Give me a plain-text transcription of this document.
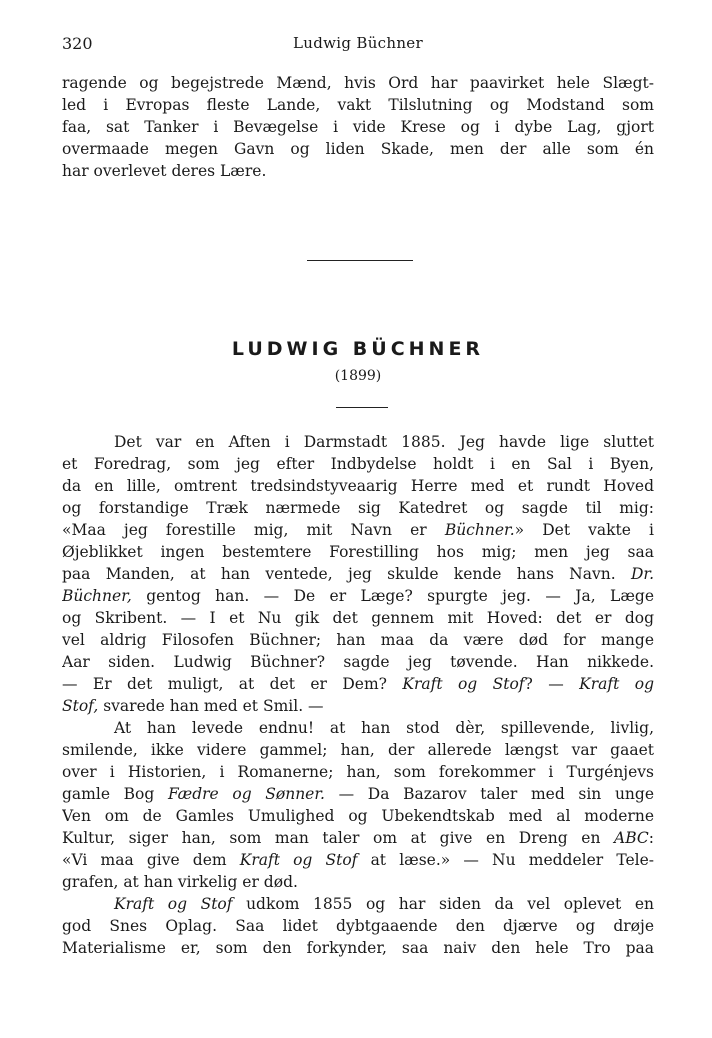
320	Ludwig Büchner
ragende og begejstrede Mænd, hvis Ord har paavirket hele Slægt-
led i Evropas fleste Lande, vakt Tilslutning og Modstand som
faa, sat Tanker i Bevægelse i vide Krese og i dybe Lag, gjort
overmaade megen Gavn og liden Skade, men der alle som én
har overlevet deres Lære.
LUDWIG BÜCHNER
(1899)
Det var en Aften i Darmstadt 1885. Jeg havde lige sluttet
et Foredrag, som jeg efter Indbydelse holdt i en Sal i Byen,
da en lille, omtrent tredsindstyveaarig Herre med et rundt Hoved
og forstandige Træk nærmede sig Katedret og sagde til mig:
«Maa jeg forestille mig, mit Navn er Büchner.» Det vakte i
Øjeblikket ingen bestemtere Forestilling hos mig; men jeg saa
paa Manden, at han ventede, jeg skulde kende hans Navn. Dr.
Büchner, gentog han. — De er Læge? spurgte jeg. — Ja, Læge
og Skribent. — I et Nu gik det gennem mit Hoved: det er dog
vel aldrig Filosofen Büchner; han maa da være død for mange
Aar siden. Ludwig Büchner? sagde jeg tøvende. Han nikkede.
— Er det muligt, at det er Dem? Kraft og Stof? — Kraft og
Stof, svarede han med et Smil. —
At han levede endnu! at han stod dèr, spillevende, livlig,
smilende, ikke videre gammel; han, der allerede længst var gaaet
over i Historien, i Romanerne; han, som forekommer i Turgénjevs
gamle Bog Fædre og Sønner. — Da Bazarov taler med sin unge
Ven om de Gamles Umulighed og Ubekendtskab med al moderne
Kultur, siger han, som man taler om at give en Dreng en ABC:
«Vi maa give dem Kraft og Stof at læse.» — Nu meddeler Tele-
grafen, at han virkelig er død.
Kraft og Stof udkom 1855 og har siden da vel oplevet en
god Snes Oplag. Saa lidet dybtgaaende den djærve og drøje
Materialisme er, som den forkynder, saa naiv den hele Tro paa
